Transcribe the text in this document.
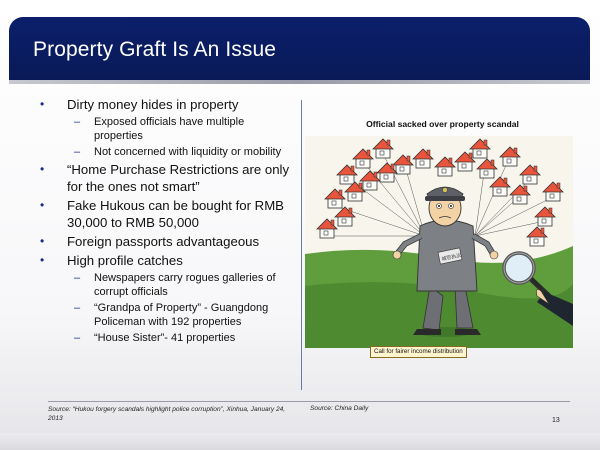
Property Graft Is An Issue
• Dirty money hides in property
– Exposed officials have multiple properties
– Not concerned with liquidity or mobility
• “Home Purchase Restrictions are only for the ones not smart”
• Fake Hukous can be bought for RMB 30,000 to RMB 50,000
• Foreign passports advantageous
• High profile catches
– Newspapers carry rogues galleries of corrupt officials
– “Grandpa of Property” - Guangdong Policeman with 192 properties
– “House Sister”- 41 properties
Official sacked over property scandal
城管执法
Call for fairer income distribution
Source: “Hukou forgery scandals highlight police corruption”, Xinhua, January 24, 2013
Source: China Daily
13
